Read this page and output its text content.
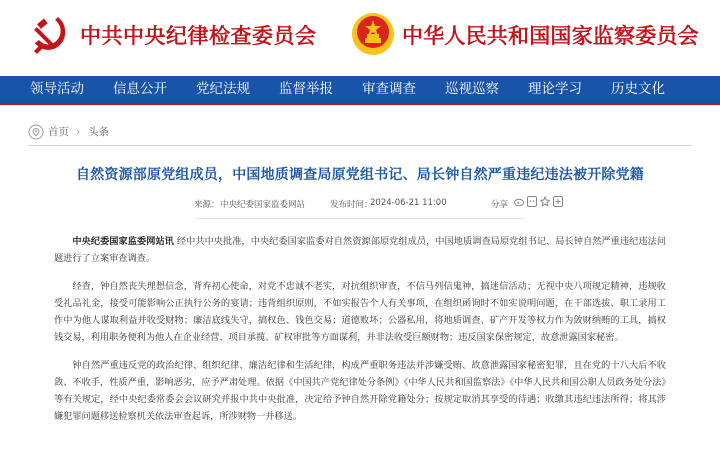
中共中央纪律检查委员会	中华人民共和国国家监察委员会
领导活动	信息公开	党纪法规	监督举报	审查调查	巡视巡察	理论学习	历史文化
首页 › 头条
自然资源部原党组成员，中国地质调查局原党组书记、局长钟自然严重违纪违法被开除党籍
来源： 中央纪委国家监委网站	发布时间：
2024-06-21 11:00	分享

中央纪委国家监委网站讯 经中共中央批准，中央纪委国家监委对自然资源部原党组成员，中国地质调查局原党组书记、局长钟自然严重违纪违法问题进行了立案审查调查。

经查，钟自然丧失理想信念，背弃初心使命，对党不忠诚不老实，对抗组织审查，不信马列信鬼神，搞迷信活动；无视中央八项规定精神，违规收受礼品礼金，接受可能影响公正执行公务的宴请；违背组织原则，不如实报告个人有关事项，在组织函询时不如实说明问题，在干部选拔、职工录用工作中为他人谋取利益并收受财物；廉洁底线失守，搞权色、钱色交易；道德败坏；公器私用，将地质调查、矿产开发等权力作为敛财纳贿的工具，搞权钱交易，利用职务便利为他人在企业经营、项目承揽、矿权审批等方面谋利，并非法收受巨额财物；违反国家保密规定，故意泄露国家秘密。

钟自然严重违反党的政治纪律、组织纪律、廉洁纪律和生活纪律，构成严重职务违法并涉嫌受贿、故意泄露国家秘密犯罪，且在党的十八大后不收敛、不收手，性质严重，影响恶劣，应予严肃处理。依据《中国共产党纪律处分条例》《中华人民共和国监察法》《中华人民共和国公职人员政务处分法》等有关规定，经中央纪委常委会会议研究并报中共中央批准，决定给予钟自然开除党籍处分；按规定取消其享受的待遇；收缴其违纪违法所得；将其涉嫌犯罪问题移送检察机关依法审查起诉，所涉财物一并移送。
